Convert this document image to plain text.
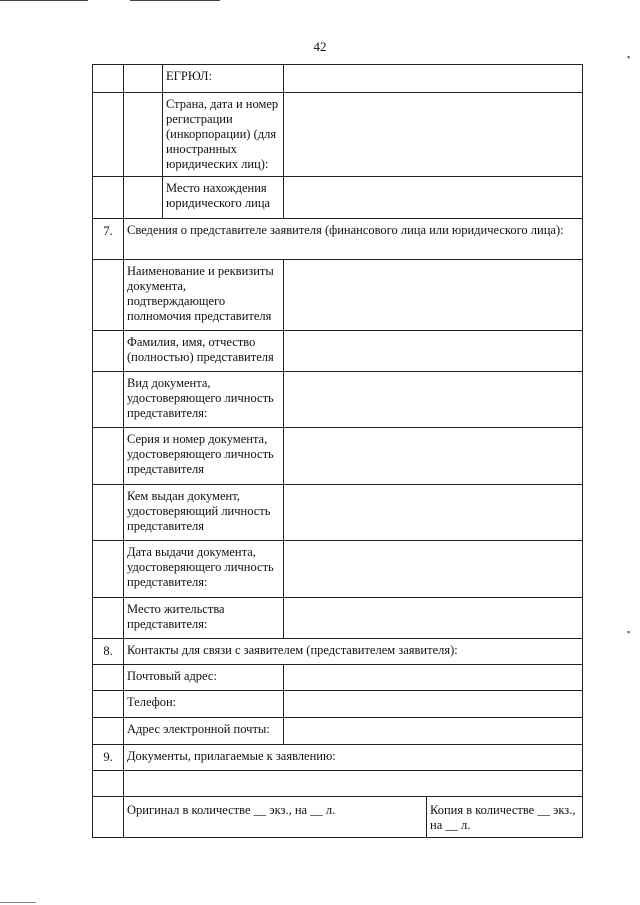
42
ЕГРЮЛ:
Страна, дата и номер регистрации (инкорпорации) (для иностранных юридических лиц):
Место нахождения юридического лица
7.	Сведения о представителе заявителя (финансового лица или юридического лица):
Наименование и реквизиты документа, подтверждающего полномочия представителя
Фамилия, имя, отчество (полностью) представителя
Вид документа, удостоверяющего личность представителя:
Серия и номер документа, удостоверяющего личность представителя
Кем выдан документ, удостоверяющий личность представителя
Дата выдачи документа, удостоверяющего личность представителя:
Место жительства представителя:
8.	Контакты для связи с заявителем (представителем заявителя):
Почтовый адрес:
Телефон:
Адрес электронной почты:
9.	Документы, прилагаемые к заявлению:
Оригинал в количестве __ экз., на __ л.	Копия в количестве __ экз., на __ л.
▪
▪
